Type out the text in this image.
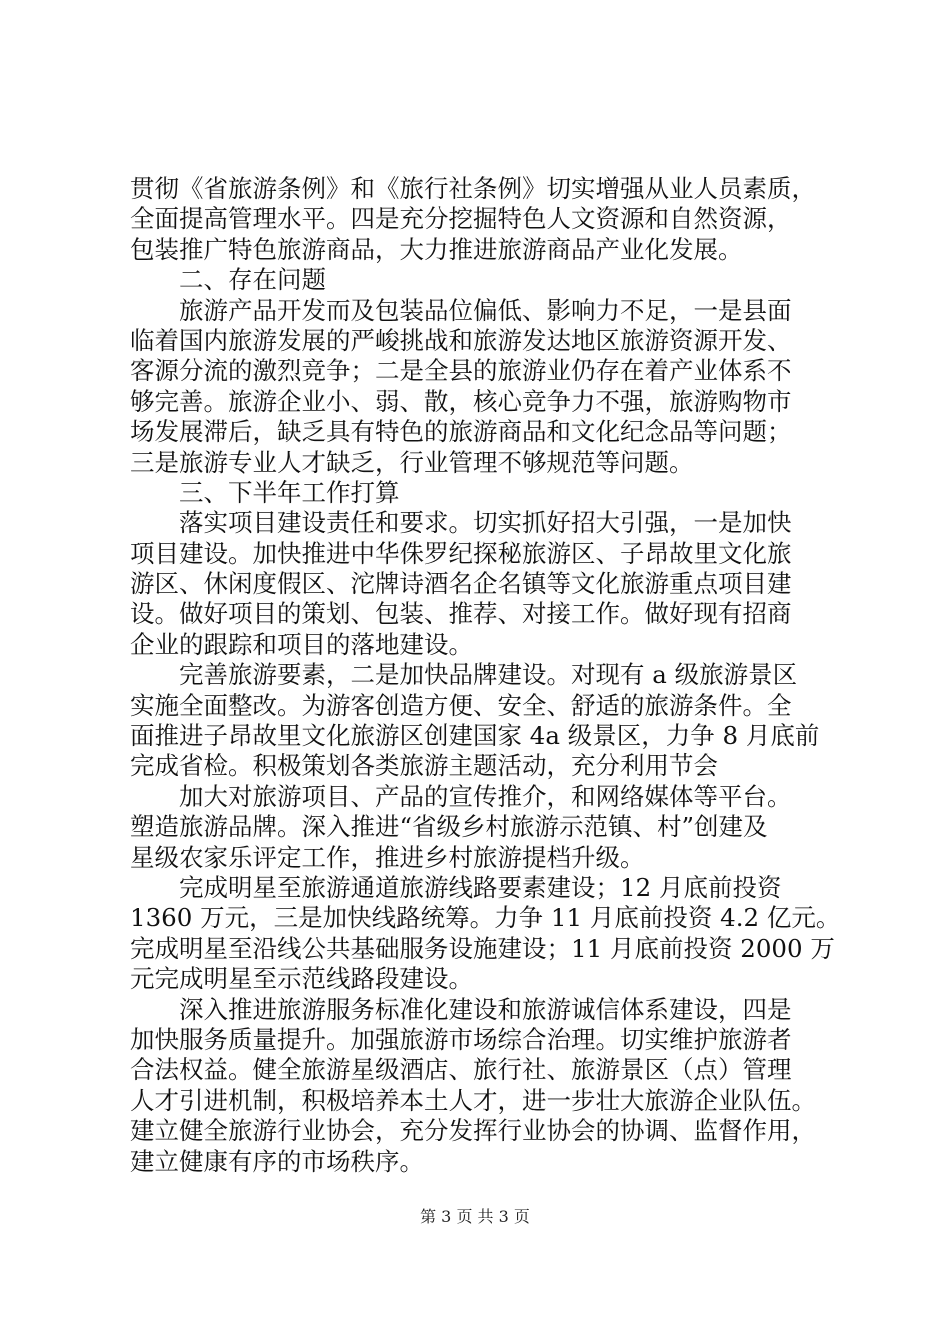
贯彻《省旅游条例》和《旅行社条例》切实增强从业人员素质，
全面提高管理水平。四是充分挖掘特色人文资源和自然资源，
包装推广特色旅游商品，大力推进旅游商品产业化发展。
　　二、存在问题
　　旅游产品开发而及包装品位偏低、影响力不足，一是县面
临着国内旅游发展的严峻挑战和旅游发达地区旅游资源开发、
客源分流的激烈竞争；二是全县的旅游业仍存在着产业体系不
够完善。旅游企业小、弱、散，核心竞争力不强，旅游购物市
场发展滞后，缺乏具有特色的旅游商品和文化纪念品等问题；
三是旅游专业人才缺乏，行业管理不够规范等问题。
　　三、下半年工作打算
　　落实项目建设责任和要求。切实抓好招大引强，一是加快
项目建设。加快推进中华侏罗纪探秘旅游区、子昂故里文化旅
游区、休闲度假区、沱牌诗酒名企名镇等文化旅游重点项目建
设。做好项目的策划、包装、推荐、对接工作。做好现有招商
企业的跟踪和项目的落地建设。
　　完善旅游要素，二是加快品牌建设。对现有 a 级旅游景区
实施全面整改。为游客创造方便、安全、舒适的旅游条件。全
面推进子昂故里文化旅游区创建国家 4a 级景区，力争 8 月底前
完成省检。积极策划各类旅游主题活动，充分利用节会
　　加大对旅游项目、产品的宣传推介，和网络媒体等平台。
塑造旅游品牌。深入推进“省级乡村旅游示范镇、村”创建及
星级农家乐评定工作，推进乡村旅游提档升级。
　　完成明星至旅游通道旅游线路要素建设；12 月底前投资
1360 万元，三是加快线路统筹。力争 11 月底前投资 4.2 亿元。
完成明星至沿线公共基础服务设施建设；11 月底前投资 2000 万
元完成明星至示范线路段建设。
　　深入推进旅游服务标准化建设和旅游诚信体系建设，四是
加快服务质量提升。加强旅游市场综合治理。切实维护旅游者
合法权益。健全旅游星级酒店、旅行社、旅游景区（点）管理
人才引进机制，积极培养本土人才，进一步壮大旅游企业队伍。
建立健全旅游行业协会，充分发挥行业协会的协调、监督作用，
建立健康有序的市场秩序。
第 3 页 共 3 页
